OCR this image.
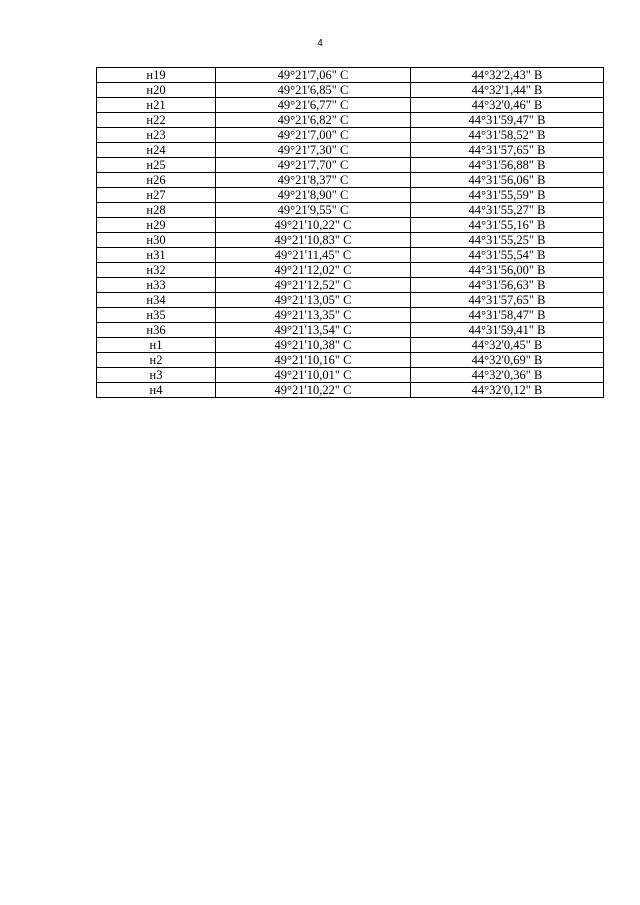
4
н19	49°21'7,06" С	44°32'2,43" В
н20	49°21'6,85" С	44°32'1,44" В
н21	49°21'6,77" С	44°32'0,46" В
н22	49°21'6,82" С	44°31'59,47" В
н23	49°21'7,00" С	44°31'58,52" В
н24	49°21'7,30" С	44°31'57,65" В
н25	49°21'7,70" С	44°31'56,88" В
н26	49°21'8,37" С	44°31'56,06" В
н27	49°21'8,90" С	44°31'55,59" В
н28	49°21'9,55" С	44°31'55,27" В
н29	49°21'10,22" С	44°31'55,16" В
н30	49°21'10,83" С	44°31'55,25" В
н31	49°21'11,45" С	44°31'55,54" В
н32	49°21'12,02" С	44°31'56,00" В
н33	49°21'12,52" С	44°31'56,63" В
н34	49°21'13,05" С	44°31'57,65" В
н35	49°21'13,35" С	44°31'58,47" В
н36	49°21'13,54" С	44°31'59,41" В
н1	49°21'10,38" С	44°32'0,45" В
н2	49°21'10,16" С	44°32'0,69" В
н3	49°21'10,01" С	44°32'0,36" В
н4	49°21'10,22" С	44°32'0,12" В
